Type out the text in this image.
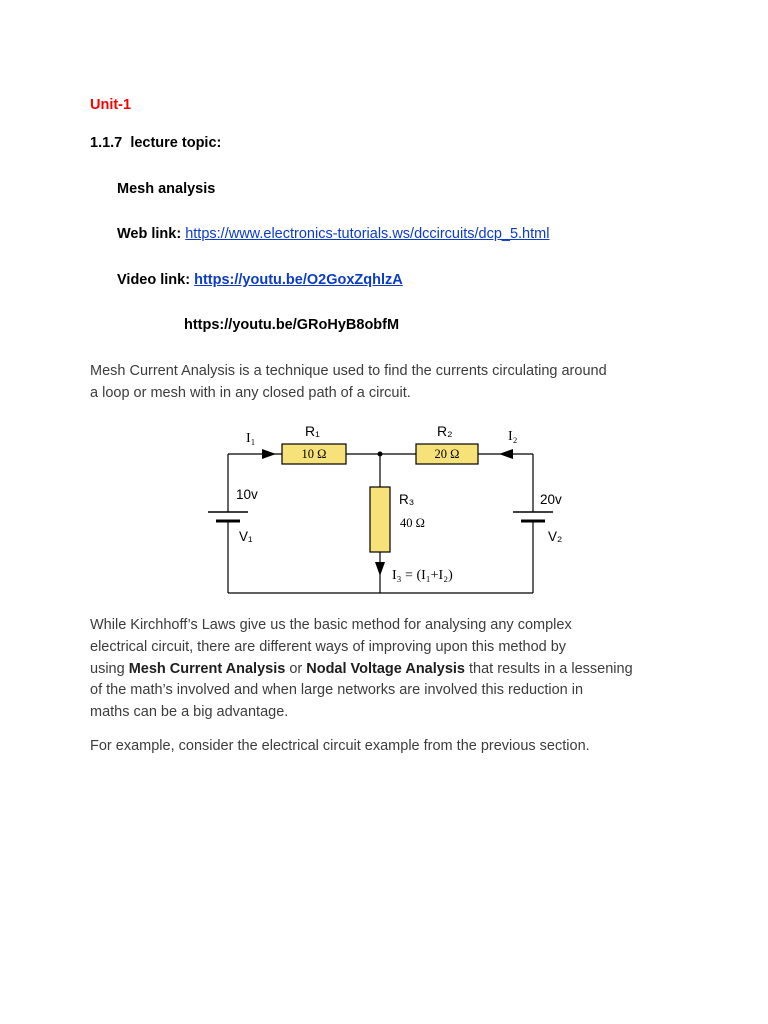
Unit-1
1.1.7 lecture topic:
Mesh analysis
Web link: https://www.electronics-tutorials.ws/dccircuits/dcp_5.html
Video link: https://youtu.be/O2GoxZqhlzA
https://youtu.be/GRoHyB8obfM
Mesh Current Analysis is a technique used to find the currents circulating around
a loop or mesh with in any closed path of a circuit.
I₁	R₁
10 Ω
R₂
20 Ω
I₂
R₃
40 Ω
10v
V₁
20v
V₂
I₃ = (I₁+I₂)
While Kirchhoff’s Laws give us the basic method for analysing any complex
electrical circuit, there are different ways of improving upon this method by
using Mesh Current Analysis or Nodal Voltage Analysis that results in a lessening
of the math’s involved and when large networks are involved this reduction in
maths can be a big advantage.
For example, consider the electrical circuit example from the previous section.
